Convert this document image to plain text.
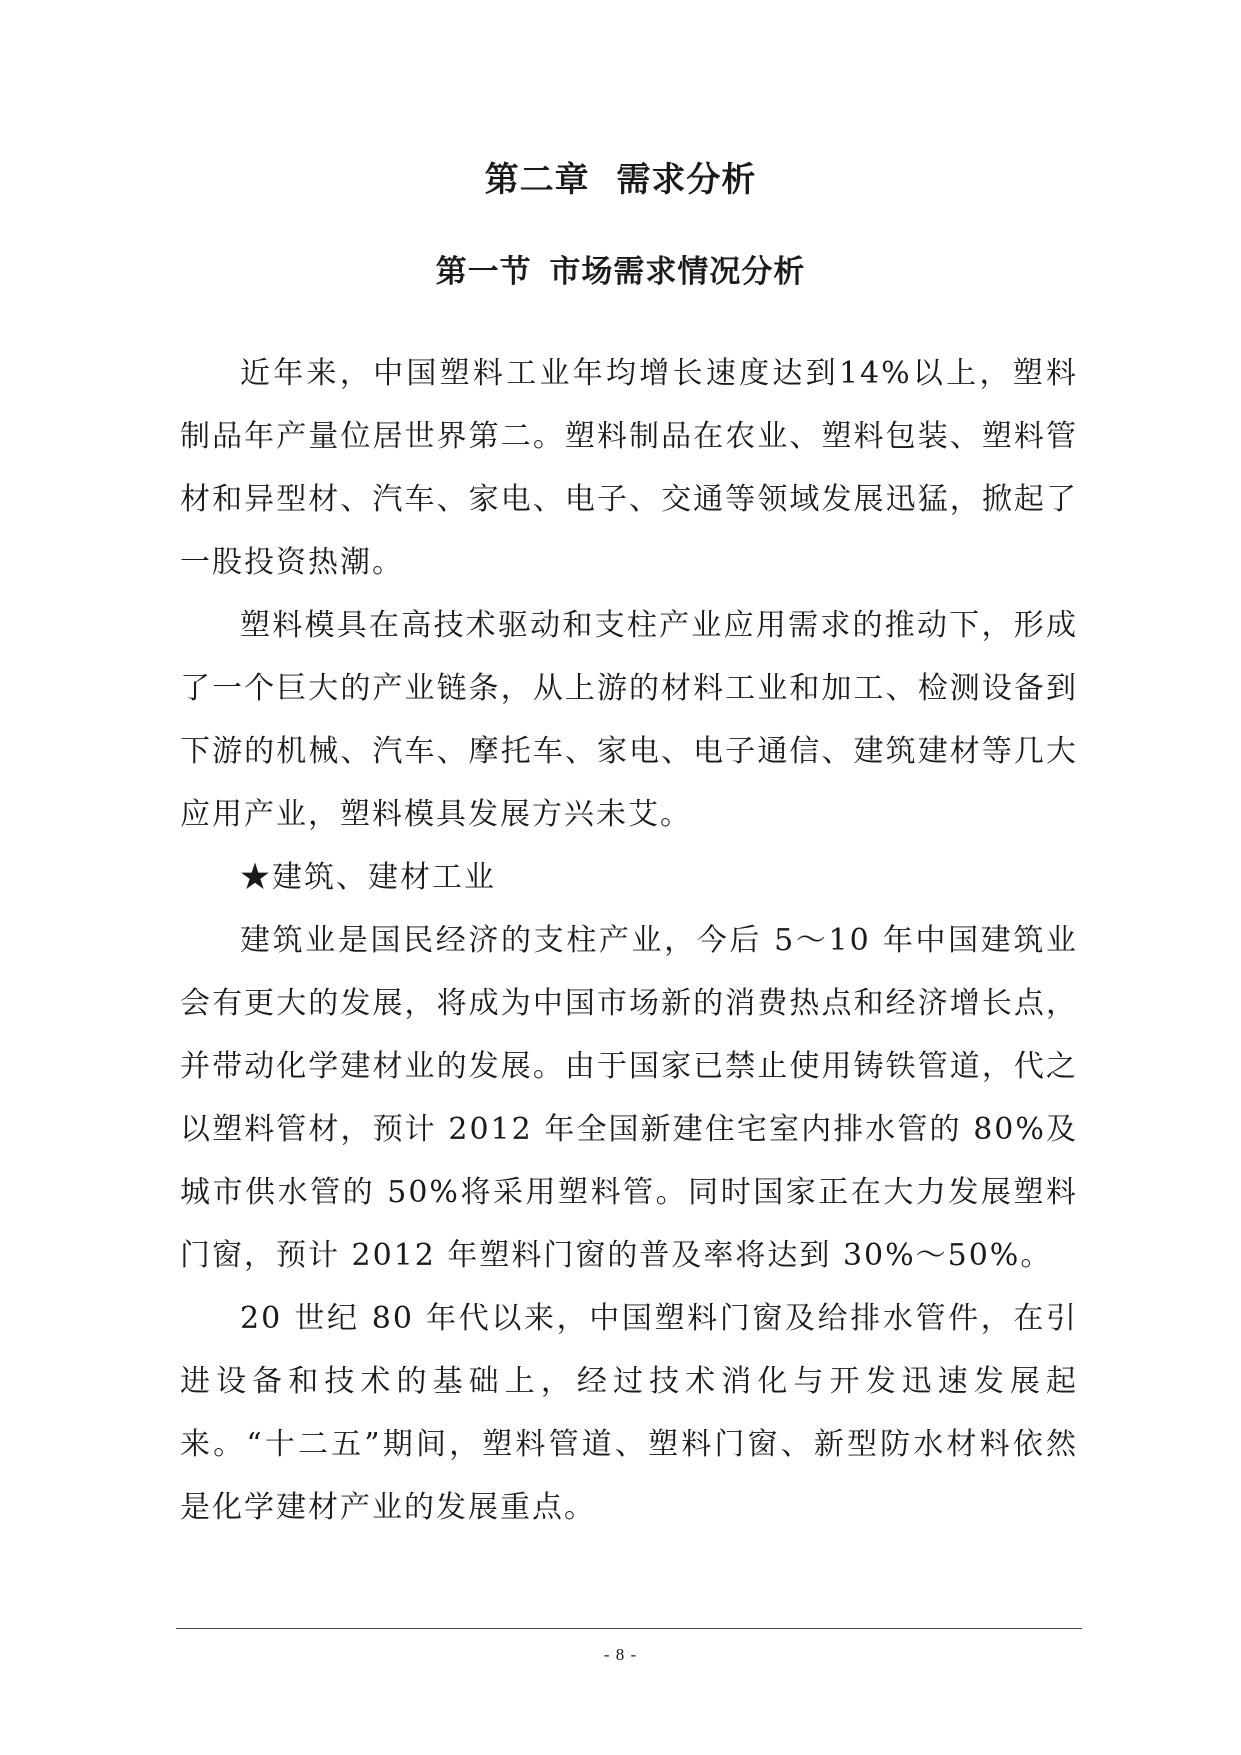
第二章 需求分析
第一节 市场需求情况分析

近年来，中国塑料工业年均增长速度达到14%以上，塑料制品年产量位居世界第二。塑料制品在农业、塑料包装、塑料管材和异型材、汽车、家电、电子、交通等领域发展迅猛，掀起了一股投资热潮。

塑料模具在高技术驱动和支柱产业应用需求的推动下，形成了一个巨大的产业链条，从上游的材料工业和加工、检测设备到下游的机械、汽车、摩托车、家电、电子通信、建筑建材等几大应用产业，塑料模具发展方兴未艾。

★建筑、建材工业

建筑业是国民经济的支柱产业，今后 5～10 年中国建筑业会有更大的发展，将成为中国市场新的消费热点和经济增长点，并带动化学建材业的发展。由于国家已禁止使用铸铁管道，代之以塑料管材，预计 2012 年全国新建住宅室内排水管的 80%及城市供水管的 50%将采用塑料管。同时国家正在大力发展塑料门窗，预计 2012 年塑料门窗的普及率将达到 30%～50%。

20 世纪 80 年代以来，中国塑料门窗及给排水管件，在引进设备和技术的基础上，经过技术消化与开发迅速发展起来。“十二五”期间，塑料管道、塑料门窗、新型防水材料依然是化学建材产业的发展重点。

- 8 -
